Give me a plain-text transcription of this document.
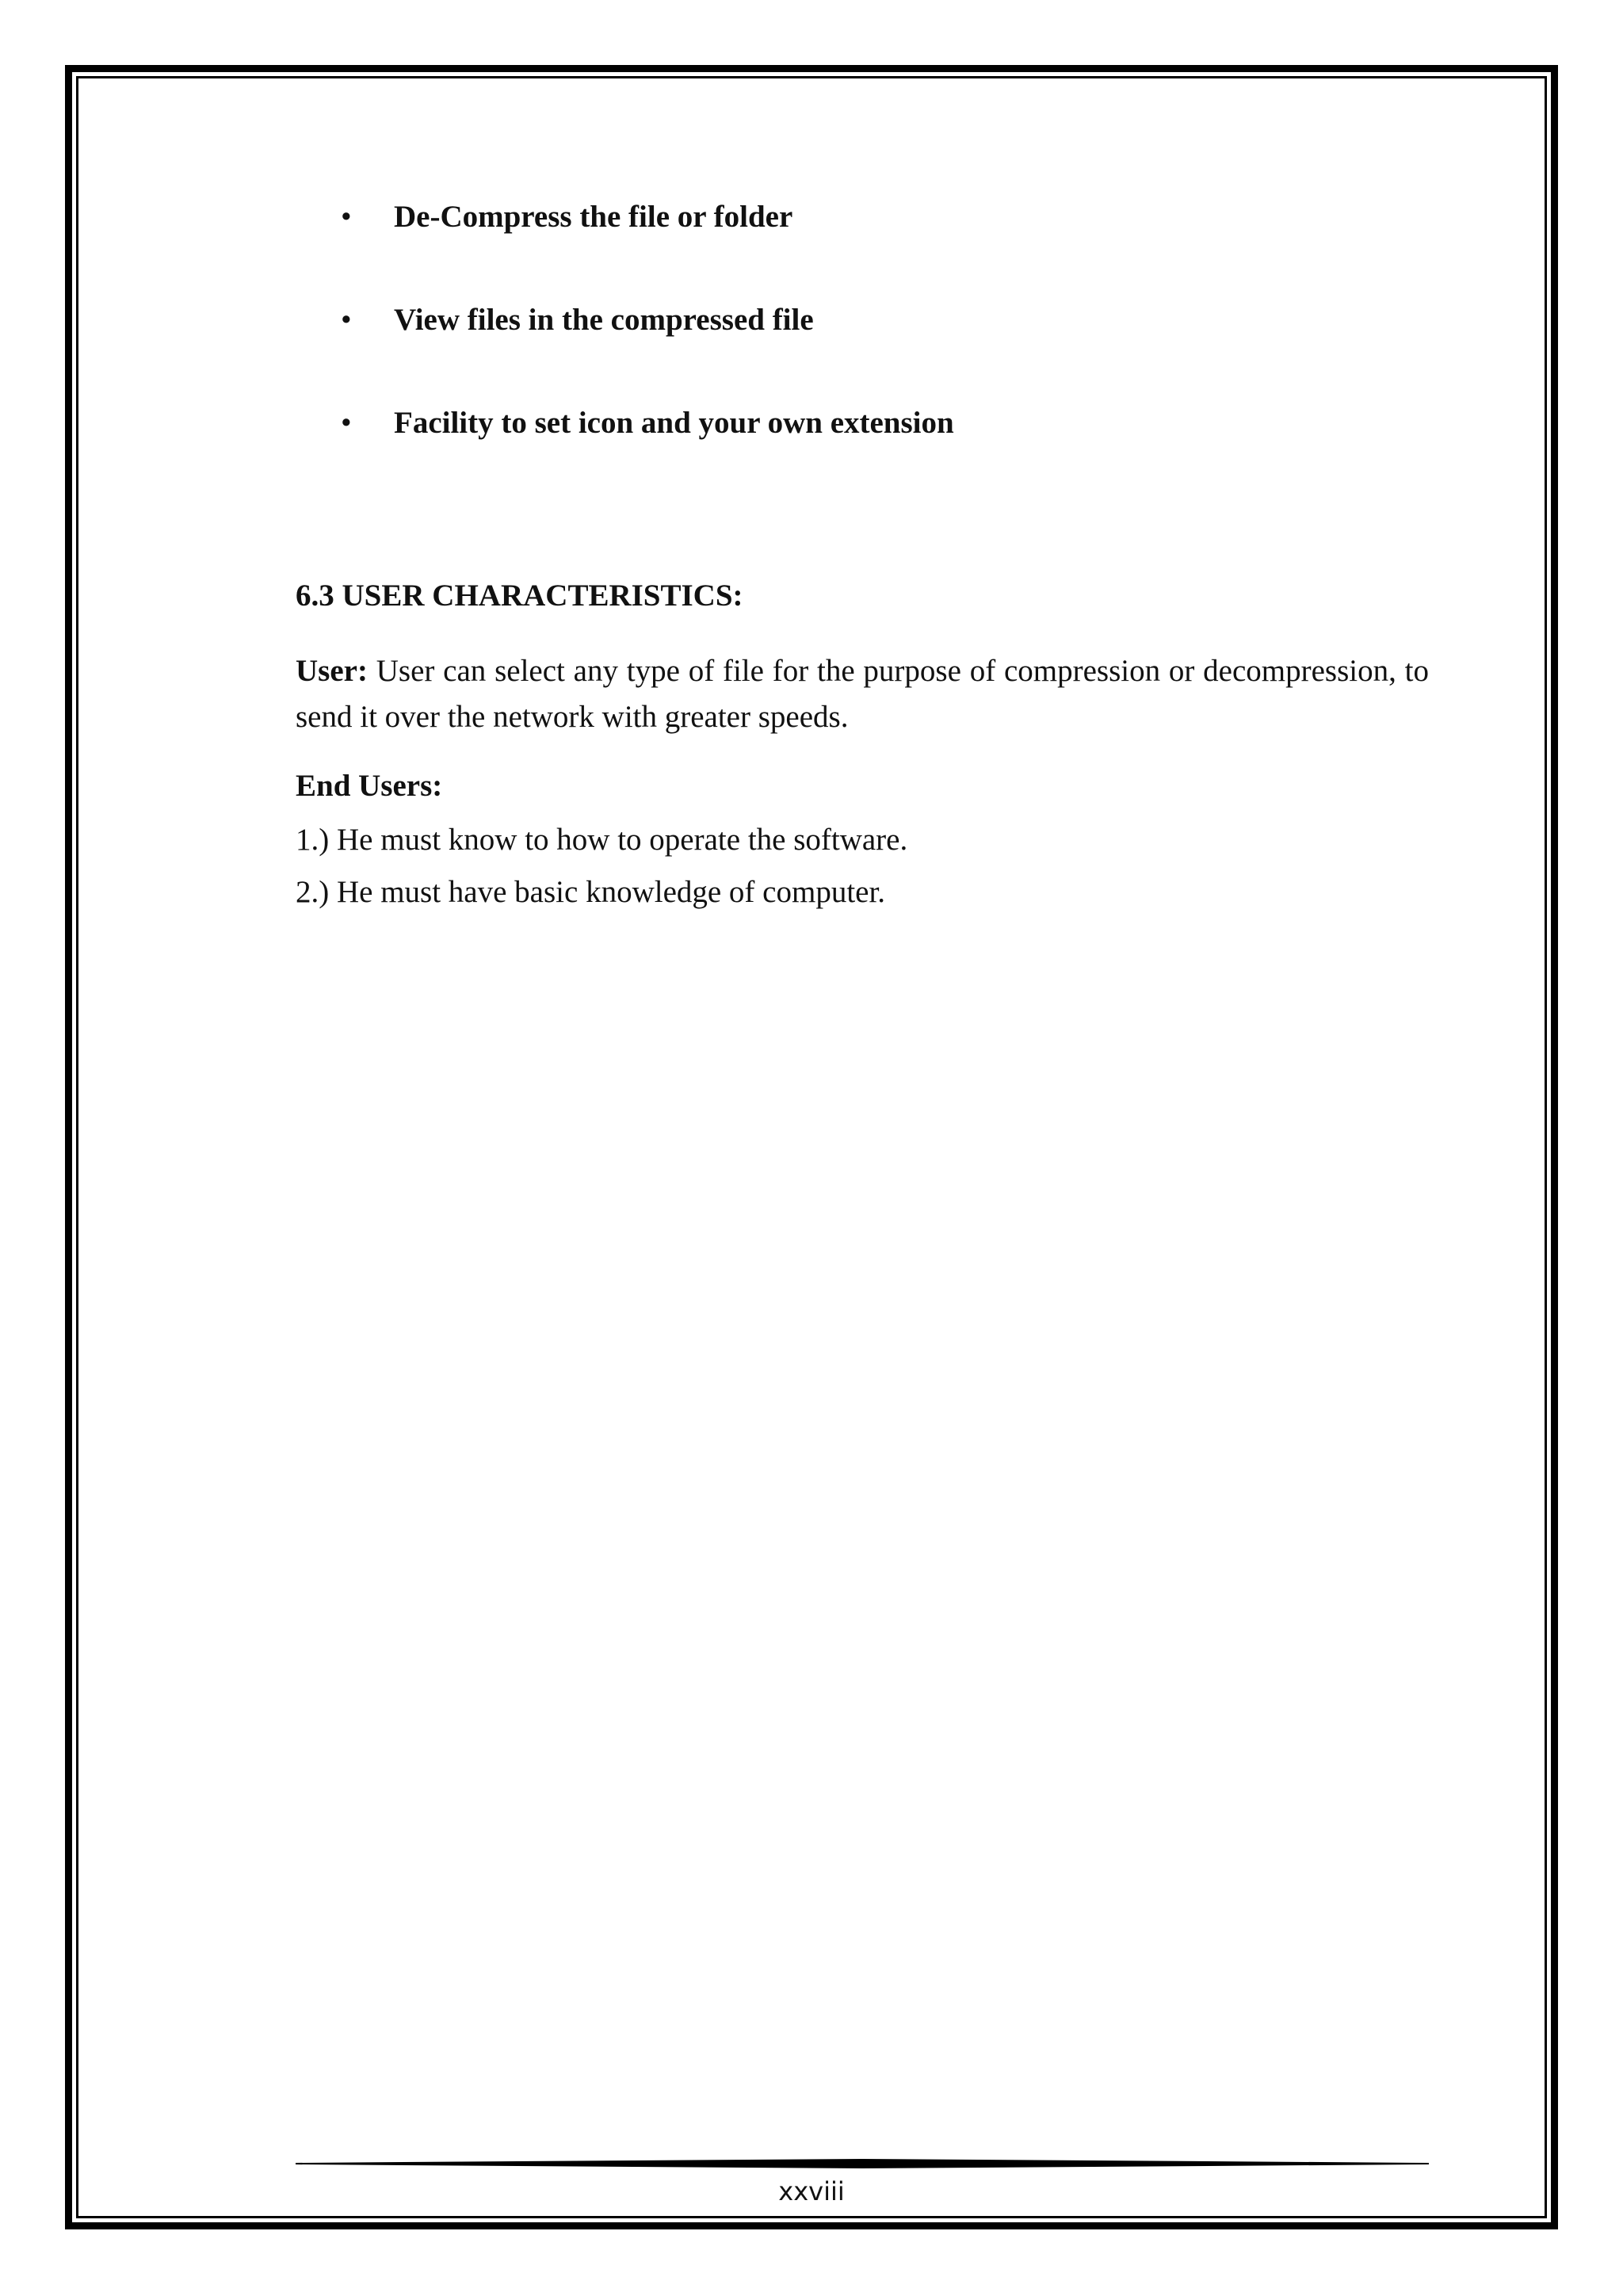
•	De-Compress the file or folder
•	View files in the compressed file
•	Facility to set icon and your own extension
6.3 USER CHARACTERISTICS:

User: User can select any type of file for the purpose of compression or decompression, to send it over the network with greater speeds.

End Users:

1.) He must know to how to operate the software.

2.) He must have basic knowledge of computer.

xxviii
